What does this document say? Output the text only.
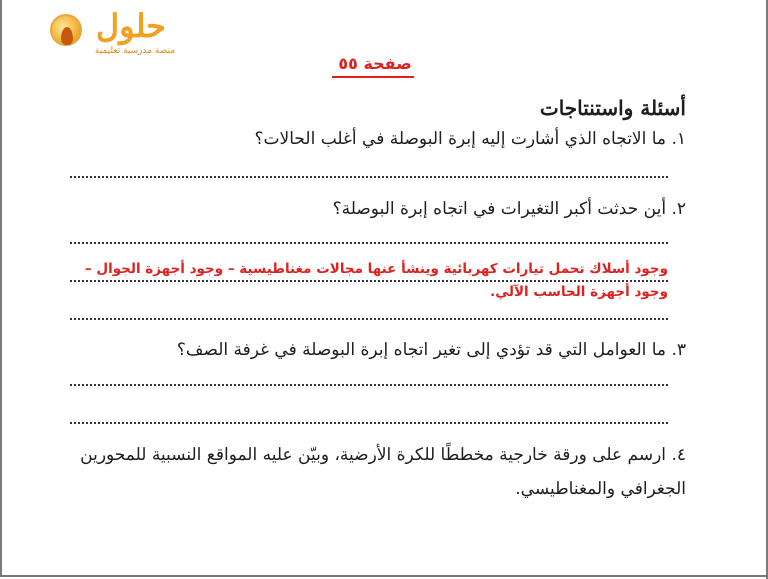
حلول
منصة مدرسية تعليمية
صفحة ٥٥
أسئلة واستنتاجات
١. ما الاتجاه الذي أشارت إليه إبرة البوصلة في أغلب الحالات؟
٢. أين حدثت أكبر التغيرات في اتجاه إبرة البوصلة؟
وجود أسلاك تحمل تيارات كهربائية وينشأ عنها مجالات مغناطيسية – وجود أجهزة الجوال – وجود أجهزة الحاسب الآلي.
٣. ما العوامل التي قد تؤدي إلى تغير اتجاه إبرة البوصلة في غرفة الصف؟
٤. ارسم على ورقة خارجية مخططًا للكرة الأرضية، وبيّن عليه المواقع النسبية للمحورين الجغرافي والمغناطيسي.
